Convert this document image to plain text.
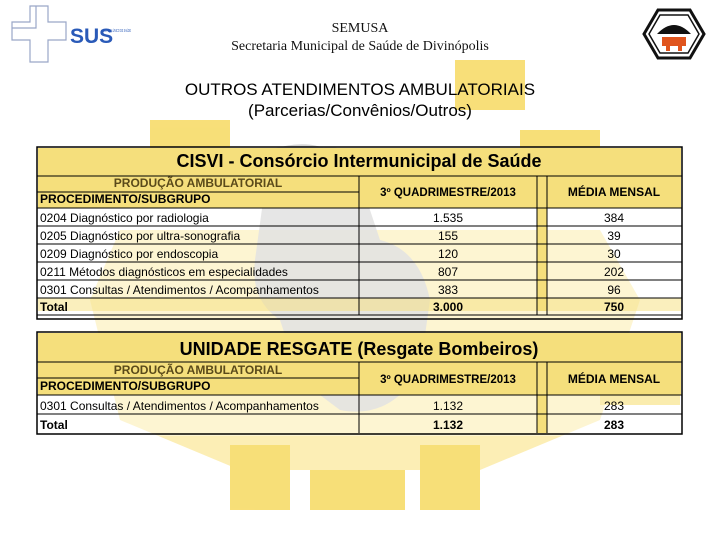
SUS
SISTEMA ÚNICO DE SAÚDE	SEMUSA
Secretaria Municipal de Saúde de Divinópolis
OUTROS ATENDIMENTOS AMBULATORIAIS
(Parcerias/Convênios/Outros)
CISVI - Consórcio Intermunicipal de Saúde
PRODUÇÃO AMBULATORIAL
PROCEDIMENTO/SUBGRUPO	3º QUADRIMESTRE/2013	MÉDIA MENSAL
0204 Diagnóstico por radiologia	1.535	384
0205 Diagnóstico por ultra-sonografia	155	39
0209 Diagnóstico por endoscopia	120	30
0211 Métodos diagnósticos em especialidades	807	202
0301 Consultas / Atendimentos / Acompanhamentos	383	96
Total	3.000	750
UNIDADE RESGATE (Resgate Bombeiros)
PRODUÇÃO AMBULATORIAL
PROCEDIMENTO/SUBGRUPO	3º QUADRIMESTRE/2013	MÉDIA MENSAL
0301 Consultas / Atendimentos / Acompanhamentos	1.132	283
Total	1.132	283
